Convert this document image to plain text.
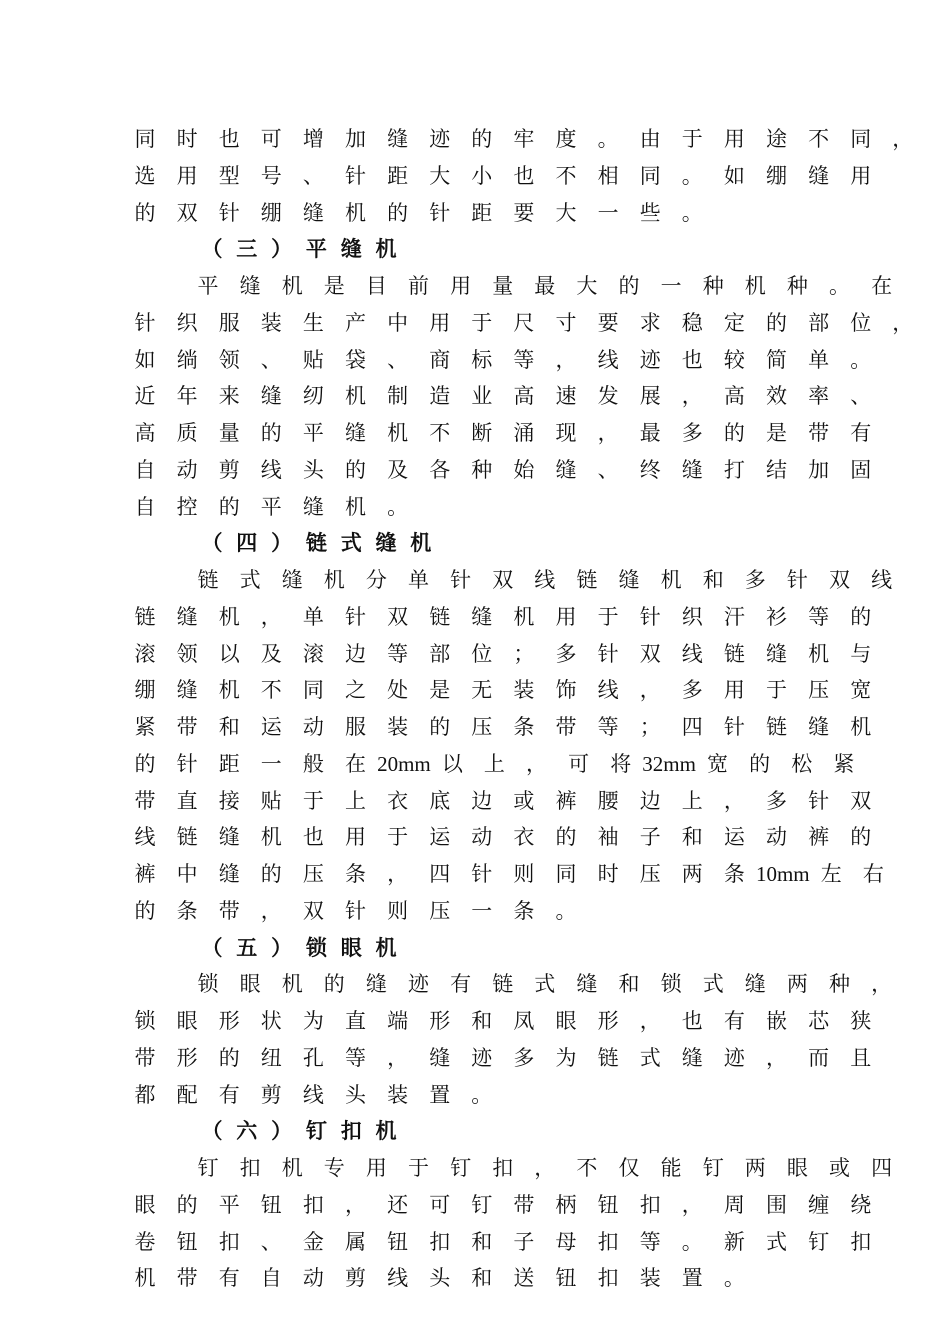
同 时 也 可 增 加 缝 迹 的 牢 度 。 由 于 用 途 不 同 ，
选 用 型 号 、 针 距 大 小 也 不 相 同 。 如 绷 缝 用
的 双 针 绷 缝 机 的 针 距 要 大 一 些 。
（ 三 ） 平 缝 机
平 缝 机 是 目 前 用 量 最 大 的 一 种 机 种 。 在
针 织 服 装 生 产 中 用 于 尺 寸 要 求 稳 定 的 部 位 ，
如 绱 领 、 贴 袋 、 商 标 等 ， 线 迹 也 较 简 单 。
近 年 来 缝 纫 机 制 造 业 高 速 发 展 ， 高 效 率 、
高 质 量 的 平 缝 机 不 断 涌 现 ， 最 多 的 是 带 有
自 动 剪 线 头 的 及 各 种 始 缝 、 终 缝 打 结 加 固
自 控 的 平 缝 机 。
（ 四 ） 链 式 缝 机
链 式 缝 机 分 单 针 双 线 链 缝 机 和 多 针 双 线
链 缝 机 ， 单 针 双 链 缝 机 用 于 针 织 汗 衫 等 的
滚 领 以 及 滚 边 等 部 位 ； 多 针 双 线 链 缝 机 与
绷 缝 机 不 同 之 处 是 无 装 饰 线 ， 多 用 于 压 宽
紧 带 和 运 动 服 装 的 压 条 带 等 ； 四 针 链 缝 机
的 针 距 一 般 在 20mm 以 上 ， 可 将 32mm 宽 的 松 紧
带 直 接 贴 于 上 衣 底 边 或 裤 腰 边 上 ， 多 针 双
线 链 缝 机 也 用 于 运 动 衣 的 袖 子 和 运 动 裤 的
裤 中 缝 的 压 条 ， 四 针 则 同 时 压 两 条 10mm 左 右
的 条 带 ， 双 针 则 压 一 条 。
（ 五 ） 锁 眼 机
锁 眼 机 的 缝 迹 有 链 式 缝 和 锁 式 缝 两 种 ，
锁 眼 形 状 为 直 端 形 和 凤 眼 形 ， 也 有 嵌 芯 狭
带 形 的 纽 孔 等 ， 缝 迹 多 为 链 式 缝 迹 ， 而 且
都 配 有 剪 线 头 装 置 。
（ 六 ） 钉 扣 机
钉 扣 机 专 用 于 钉 扣 ， 不 仅 能 钉 两 眼 或 四
眼 的 平 钮 扣 ， 还 可 钉 带 柄 钮 扣 ， 周 围 缠 绕
卷 钮 扣 、 金 属 钮 扣 和 子 母 扣 等 。 新 式 钉 扣
机 带 有 自 动 剪 线 头 和 送 钮 扣 装 置 。
